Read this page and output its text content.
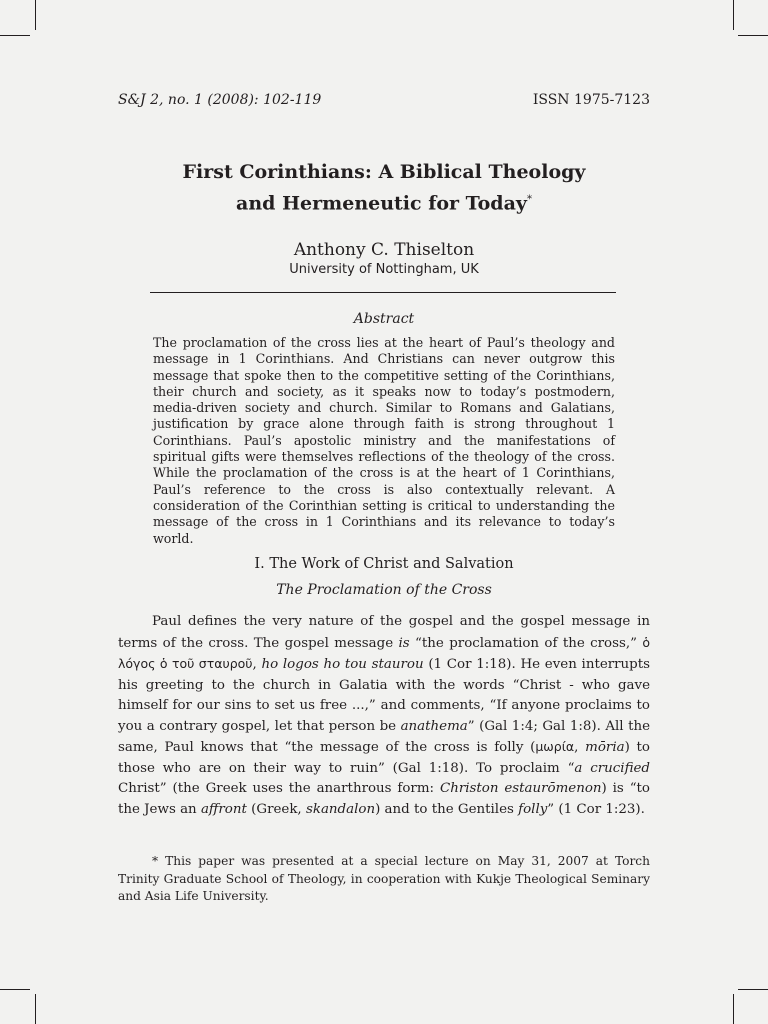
S&J 2, no. 1 (2008): 102-119	ISSN 1975-7123
First Corinthians: A Biblical Theology
and Hermeneutic for Today*
Anthony C. Thiselton
University of Nottingham, UK
Abstract

The proclamation of the cross lies at the heart of Paul’s theology and message in 1 Corinthians. And Christians can never outgrow this message that spoke then to the competitive setting of the Corinthians, their church and society, as it speaks now to today’s postmodern, media-driven society and church. Similar to Romans and Galatians, justification by grace alone through faith is strong throughout 1 Corinthians. Paul’s apostolic ministry and the manifestations of spiritual gifts were themselves reflections of the theology of the cross. While the proclamation of the cross is at the heart of 1 Corinthians, Paul’s reference to the cross is also contextually relevant. A consideration of the Corinthian setting is critical to understanding the message of the cross in 1 Corinthians and its relevance to today’s world.

I. The Work of Christ and Salvation
The Proclamation of the Cross

Paul defines the very nature of the gospel and the gospel message in terms of the cross. The gospel message is “the proclamation of the cross,” ὁ λόγος ὁ τοῦ σταυροῦ, ho logos ho tou staurou (1 Cor 1:18). He even interrupts his greeting to the church in Galatia with the words “Christ - who gave himself for our sins to set us free ...,” and comments, “If anyone proclaims to you a contrary gospel, let that person be anathema” (Gal 1:4; Gal 1:8). All the same, Paul knows that “the message of the cross is folly (μωρία, mōria) to those who are on their way to ruin” (Gal 1:18). To proclaim “a crucified Christ” (the Greek uses the anarthrous form: Christon estaurōmenon) is “to the Jews an affront (Greek, skandalon) and to the Gentiles folly” (1 Cor 1:23).

* This paper was presented at a special lecture on May 31, 2007 at Torch Trinity Graduate School of Theology, in cooperation with Kukje Theological Seminary and Asia Life University.
